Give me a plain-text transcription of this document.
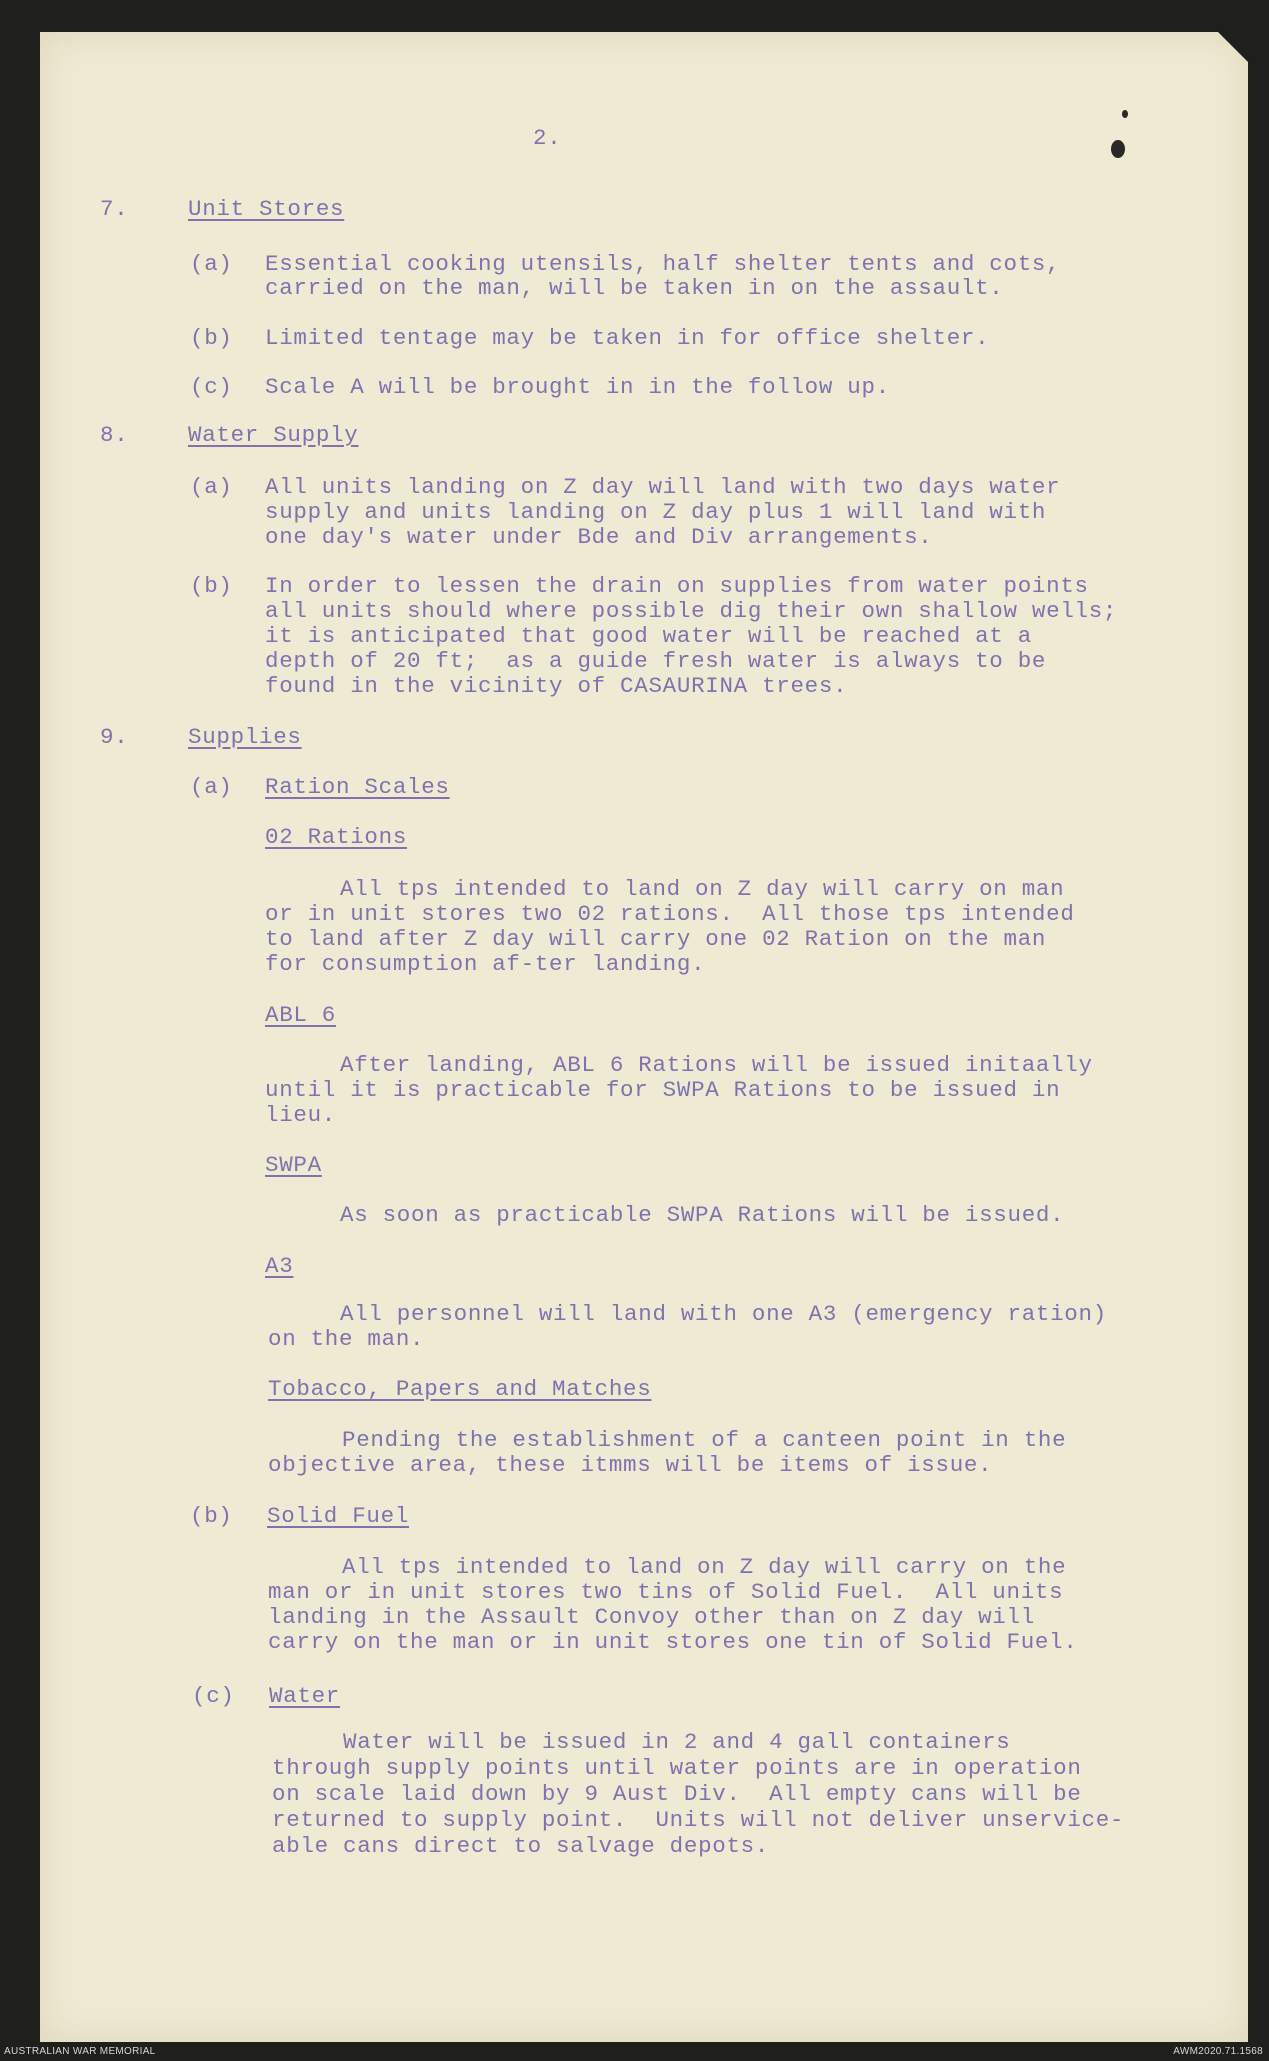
2.
7.	Unit Stores
(a) Essential cooking utensils, half shelter tents and cots,
carried on the man, will be taken in on the assault.
(b) Limited tentage may be taken in for office shelter.
(c) Scale A will be brought in in the follow up.
8.	Water Supply
(a) All units landing on Z day will land with two days water
supply and units landing on Z day plus 1 will land with
one day's water under Bde and Div arrangements.
(b) In order to lessen the drain on supplies from water points
all units should where possible dig their own shallow wells;
it is anticipated that good water will be reached at a
depth of 20 ft;  as a guide fresh water is always to be
found in the vicinity of CASAURINA trees.
9.	Supplies
(a) Ration Scales
02 Rations
All tps intended to land on Z day will carry on man
or in unit stores two 02 rations.  All those tps intended
to land after Z day will carry one 02 Ration on the man
for consumption af-ter landing.
ABL 6
After landing, ABL 6 Rations will be issued initaally
until it is practicable for SWPA Rations to be issued in
lieu.
SWPA
As soon as practicable SWPA Rations will be issued.
A3
All personnel will land with one A3 (emergency ration)
on the man.
Tobacco, Papers and Matches
Pending the establishment of a canteen point in the
objective area, these itmms will be items of issue.
(b) Solid Fuel
All tps intended to land on Z day will carry on the
man or in unit stores two tins of Solid Fuel.  All units
landing in the Assault Convoy other than on Z day will
carry on the man or in unit stores one tin of Solid Fuel.
(c) Water
Water will be issued in 2 and 4 gall containers
through supply points until water points are in operation
on scale laid down by 9 Aust Div.  All empty cans will be
returned to supply point.  Units will not deliver unservice-
able cans direct to salvage depots.
AUSTRALIAN WAR MEMORIAL	AWM2020.71.1568
